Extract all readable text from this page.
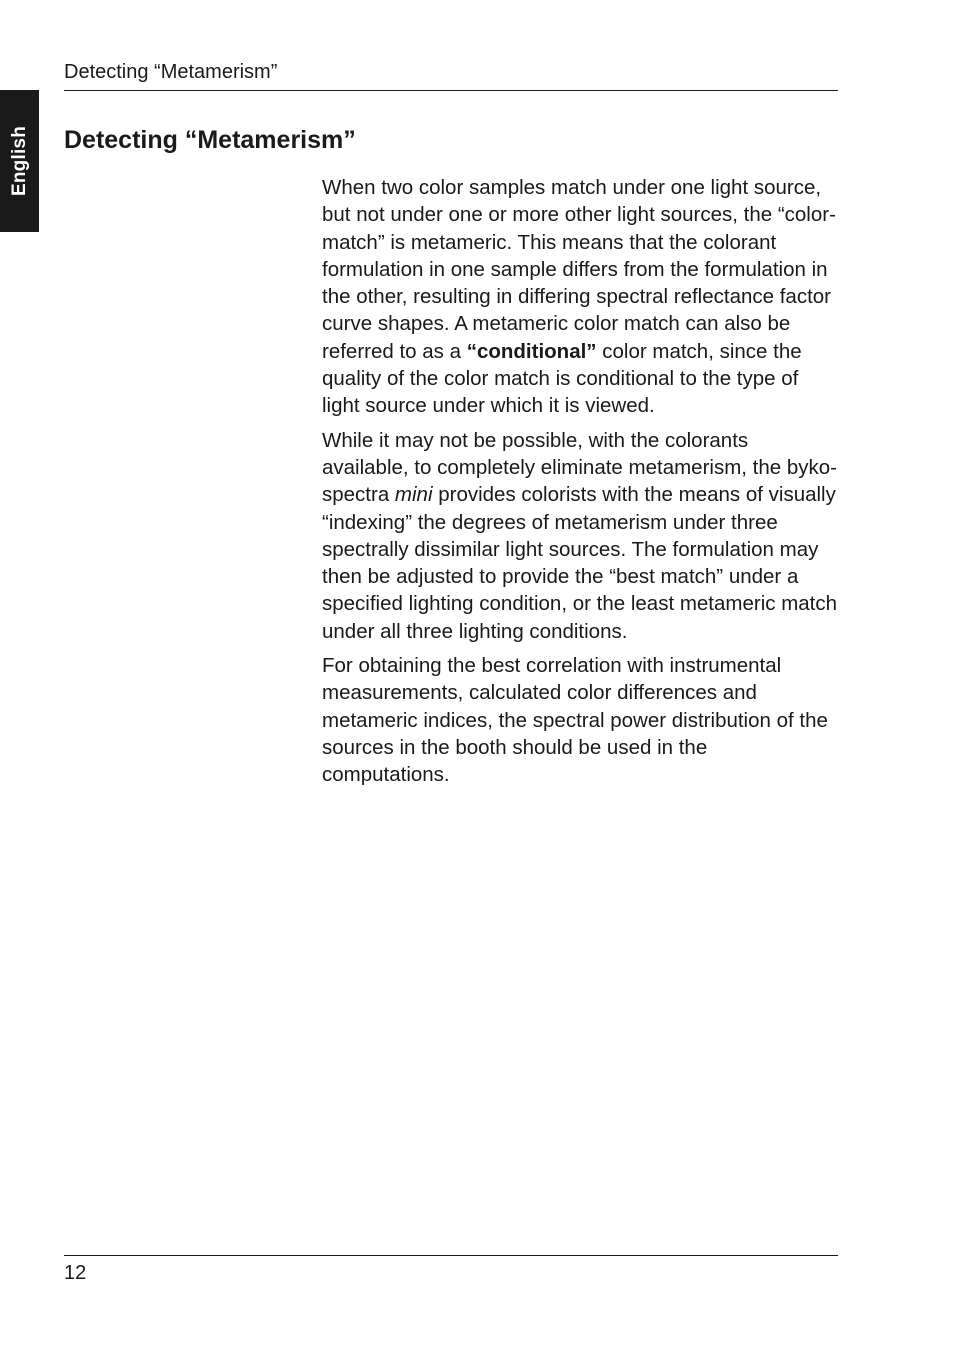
English
Detecting “Metamerism”
Detecting “Metamerism”

When two color samples match under one light source, but not under one or more other light sources, the “color-match” is metameric. This means that the colorant formulation in one sample differs from the formulation in the other, resulting in differing spectral reflectance factor curve shapes. A metameric color match can also be referred to as a “conditional” color match, since the quality of the color match is conditional to the type of light source under which it is viewed.

While it may not be possible, with the colorants available, to completely eliminate metamerism, the byko-spectra mini provides colorists with the means of visually “indexing” the degrees of metamerism under three spectrally dissimilar light sources. The formulation may then be adjusted to provide the “best match” under a specified lighting condition, or the least metameric match under all three lighting conditions.

For obtaining the best correlation with instrumental measurements, calculated color differences and metameric indices, the spectral power distribution of the sources in the booth should be used in the computations.

12
